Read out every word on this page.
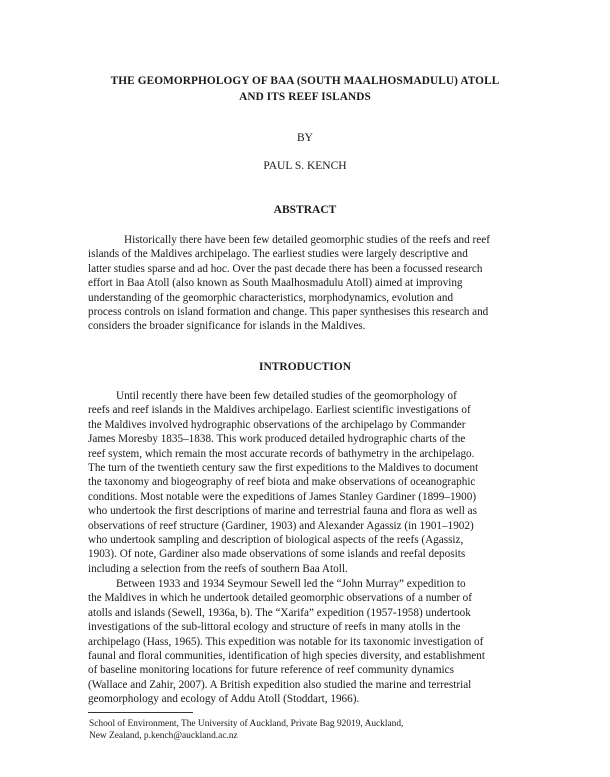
THE GEOMORPHOLOGY OF BAA (SOUTH MAALHOSMADULU) ATOLL
AND ITS REEF ISLANDS
BY
PAUL S. KENCH
ABSTRACT
Historically there have been few detailed geomorphic studies of the reefs and reef
islands of the Maldives archipelago. The earliest studies were largely descriptive and
latter studies sparse and ad hoc. Over the past decade there has been a focussed research
effort in Baa Atoll (also known as South Maalhosmadulu Atoll) aimed at improving
understanding of the geomorphic characteristics, morphodynamics, evolution and
process controls on island formation and change. This paper synthesises this research and
considers the broader significance for islands in the Maldives.
INTRODUCTION
Until recently there have been few detailed studies of the geomorphology of
reefs and reef islands in the Maldives archipelago. Earliest scientific investigations of
the Maldives involved hydrographic observations of the archipelago by Commander
James Moresby 1835–1838. This work produced detailed hydrographic charts of the
reef system, which remain the most accurate records of bathymetry in the archipelago.
The turn of the twentieth century saw the first expeditions to the Maldives to document
the taxonomy and biogeography of reef biota and make observations of oceanographic
conditions. Most notable were the expeditions of James Stanley Gardiner (1899–1900)
who undertook the first descriptions of marine and terrestrial fauna and flora as well as
observations of reef structure (Gardiner, 1903) and Alexander Agassiz (in 1901–1902)
who undertook sampling and description of biological aspects of the reefs (Agassiz,
1903). Of note, Gardiner also made observations of some islands and reefal deposits
including a selection from the reefs of southern Baa Atoll.
Between 1933 and 1934 Seymour Sewell led the “John Murray” expedition to
the Maldives in which he undertook detailed geomorphic observations of a number of
atolls and islands (Sewell, 1936a, b). The “Xarifa” expedition (1957-1958) undertook
investigations of the sub-littoral ecology and structure of reefs in many atolls in the
archipelago (Hass, 1965). This expedition was notable for its taxonomic investigation of
faunal and floral communities, identification of high species diversity, and establishment
of baseline monitoring locations for future reference of reef community dynamics
(Wallace and Zahir, 2007). A British expedition also studied the marine and terrestrial
geomorphology and ecology of Addu Atoll (Stoddart, 1966).
School of Environment, The University of Auckland, Private Bag 92019, Auckland,
New Zealand, p.kench@auckland.ac.nz
